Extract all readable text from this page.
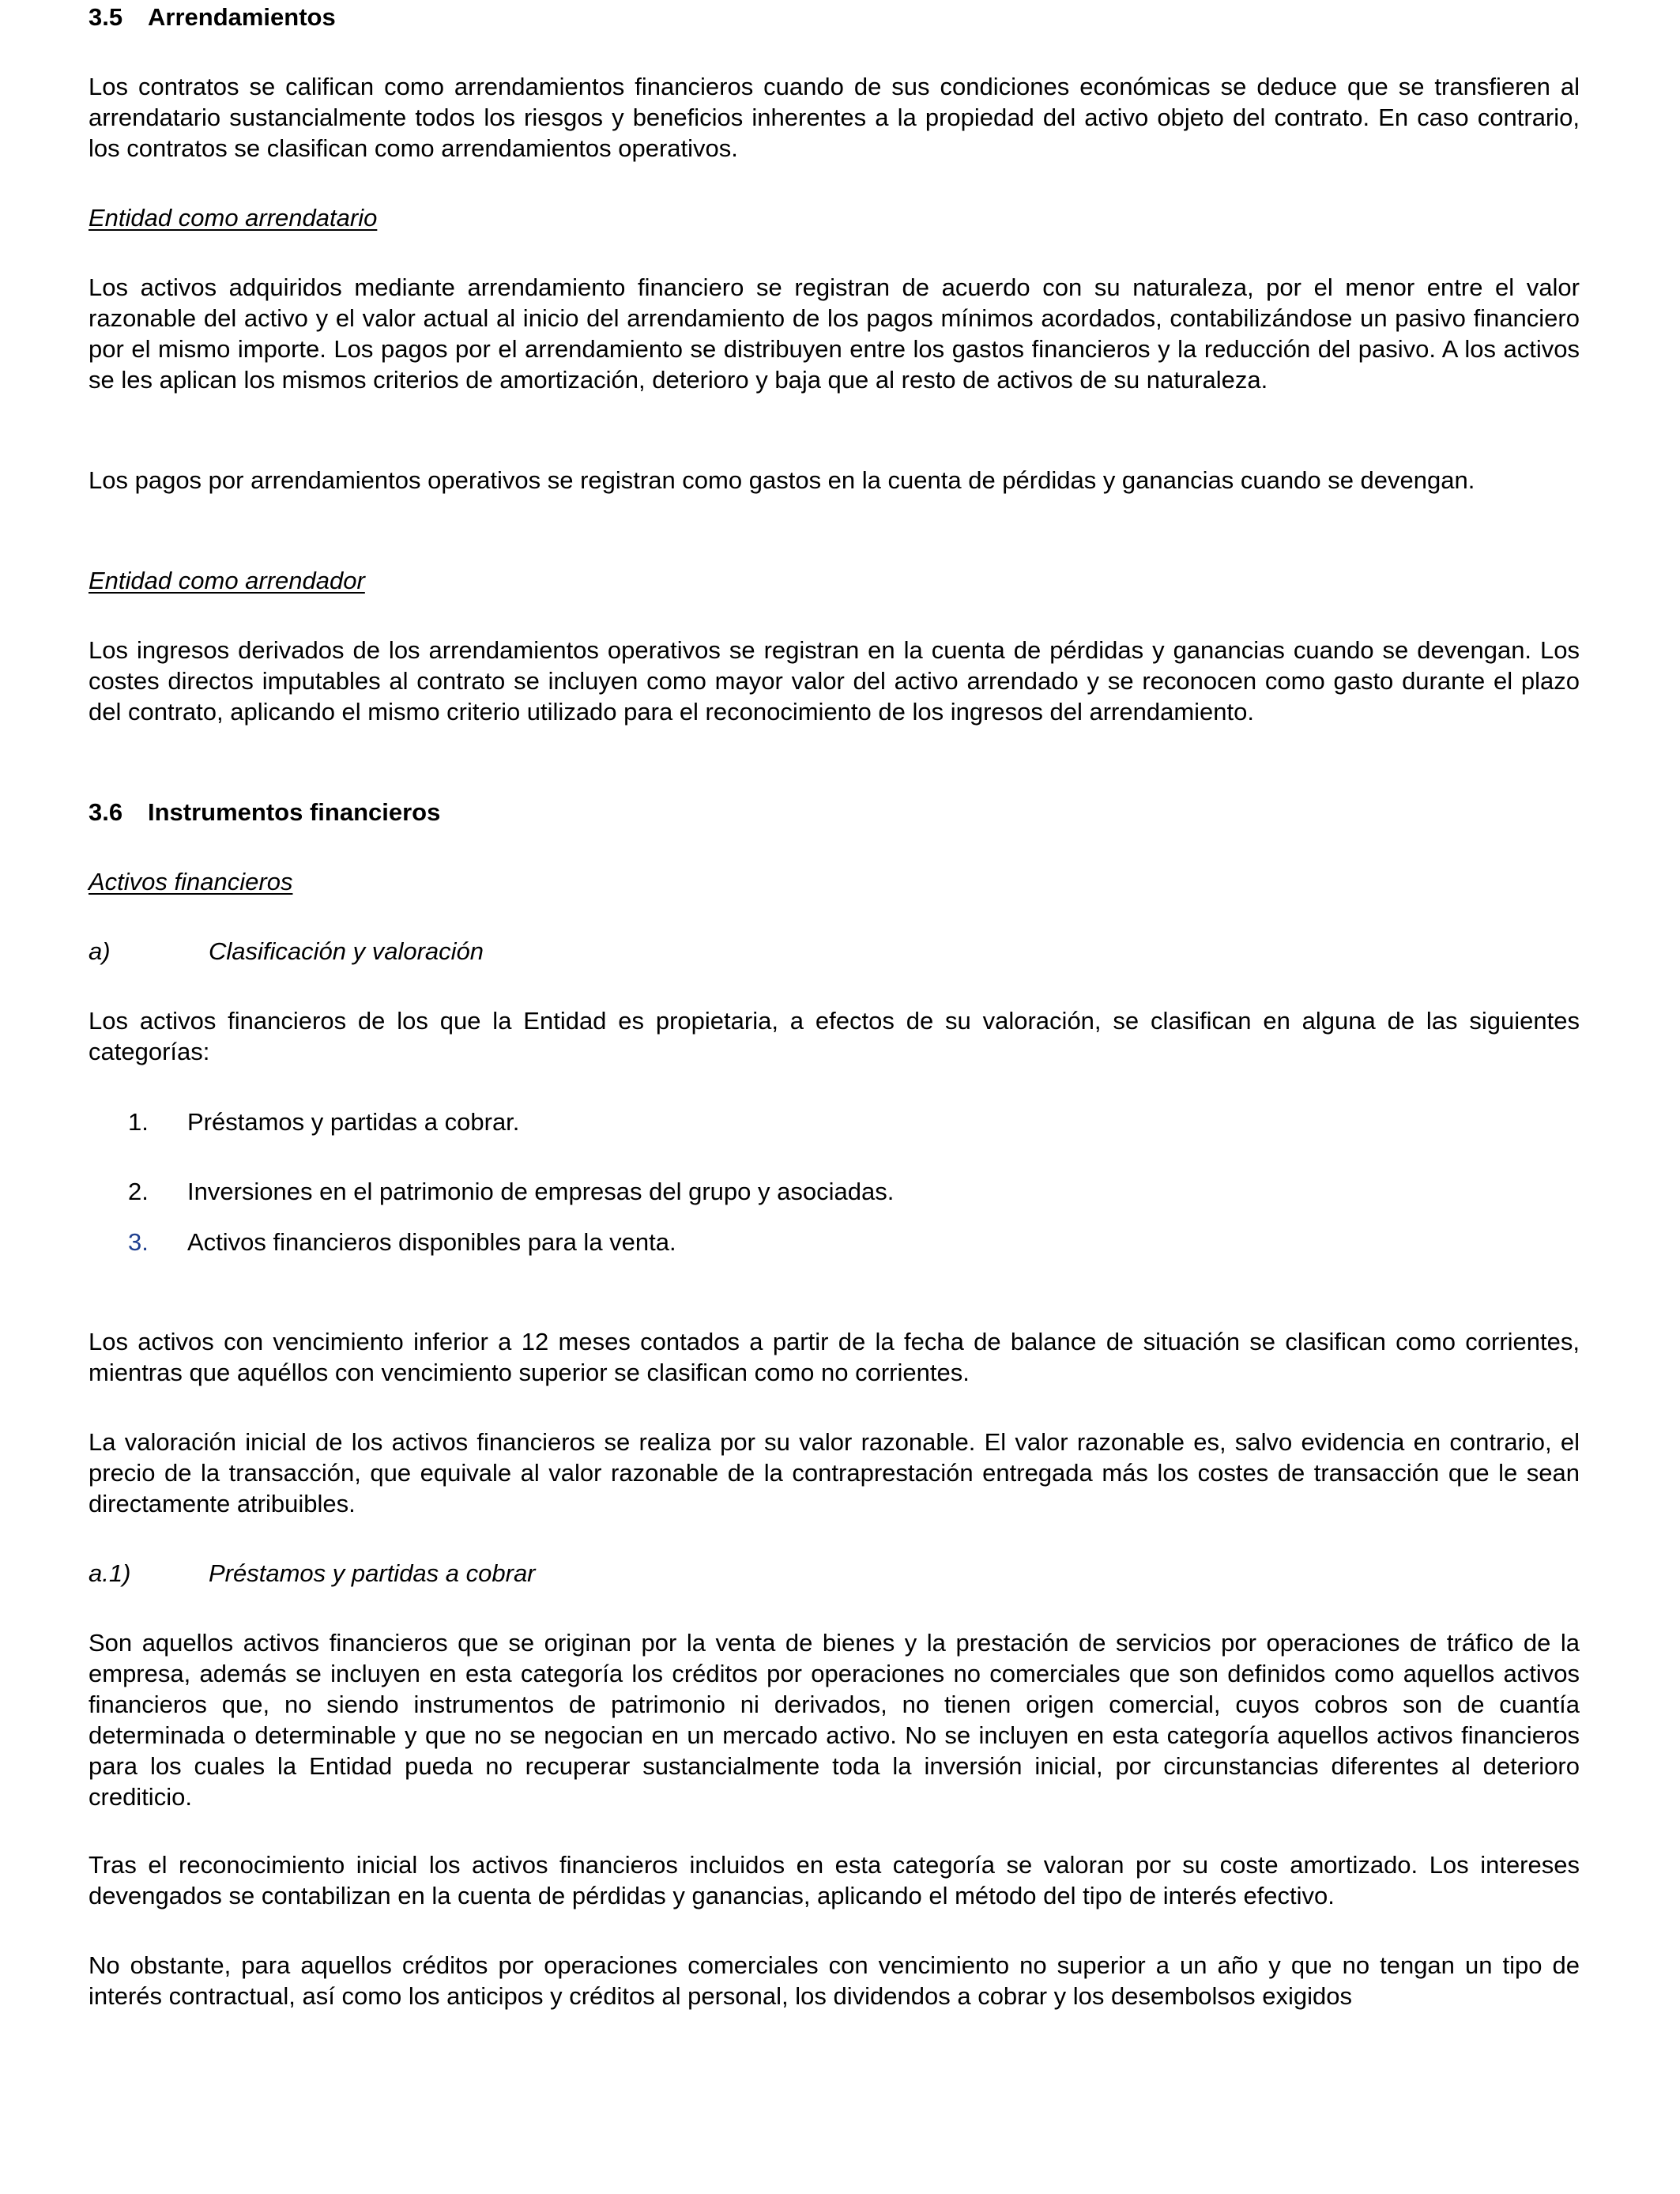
3.5 Arrendamientos

Los contratos se califican como arrendamientos financieros cuando de sus condiciones económicas se deduce que se transfieren al arrendatario sustancialmente todos los riesgos y beneficios inherentes a la propiedad del activo objeto del contrato. En caso contrario, los contratos se clasifican como arrendamientos operativos.

Entidad como arrendatario

Los activos adquiridos mediante arrendamiento financiero se registran de acuerdo con su naturaleza, por el menor entre el valor razonable del activo y el valor actual al inicio del arrendamiento de los pagos mínimos acordados, contabilizándose un pasivo financiero por el mismo importe. Los pagos por el arrendamiento se distribuyen entre los gastos financieros y la reducción del pasivo. A los activos se les aplican los mismos criterios de amortización, deterioro y baja que al resto de activos de su naturaleza.

Los pagos por arrendamientos operativos se registran como gastos en la cuenta de pérdidas y ganancias cuando se devengan.

Entidad como arrendador

Los ingresos derivados de los arrendamientos operativos se registran en la cuenta de pérdidas y ganancias cuando se devengan. Los costes directos imputables al contrato se incluyen como mayor valor del activo arrendado y se reconocen como gasto durante el plazo del contrato, aplicando el mismo criterio utilizado para el reconocimiento de los ingresos del arrendamiento.

3.6 Instrumentos financieros
Activos financieros
a)	Clasificación y valoración

Los activos financieros de los que la Entidad es propietaria, a efectos de su valoración, se clasifican en alguna de las siguientes categorías:

1. Préstamos y partidas a cobrar.
2. Inversiones en el patrimonio de empresas del grupo y asociadas.
3. Activos financieros disponibles para la venta.

Los activos con vencimiento inferior a 12 meses contados a partir de la fecha de balance de situación se clasifican como corrientes, mientras que aquéllos con vencimiento superior se clasifican como no corrientes.

La valoración inicial de los activos financieros se realiza por su valor razonable. El valor razonable es, salvo evidencia en contrario, el precio de la transacción, que equivale al valor razonable de la contraprestación entregada más los costes de transacción que le sean directamente atribuibles.

a.1)	Préstamos y partidas a cobrar

Son aquellos activos financieros que se originan por la venta de bienes y la prestación de servicios por operaciones de tráfico de la empresa, además se incluyen en esta categoría los créditos por operaciones no comerciales que son definidos como aquellos activos financieros que, no siendo instrumentos de patrimonio ni derivados, no tienen origen comercial, cuyos cobros son de cuantía determinada o determinable y que no se negocian en un mercado activo. No se incluyen en esta categoría aquellos activos financieros para los cuales la Entidad pueda no recuperar sustancialmente toda la inversión inicial, por circunstancias diferentes al deterioro crediticio.

Tras el reconocimiento inicial los activos financieros incluidos en esta categoría se valoran por su coste amortizado. Los intereses devengados se contabilizan en la cuenta de pérdidas y ganancias, aplicando el método del tipo de interés efectivo.

No obstante, para aquellos créditos por operaciones comerciales con vencimiento no superior a un año y que no tengan un tipo de interés contractual, así como los anticipos y créditos al personal, los dividendos a cobrar y los desembolsos exigidos
